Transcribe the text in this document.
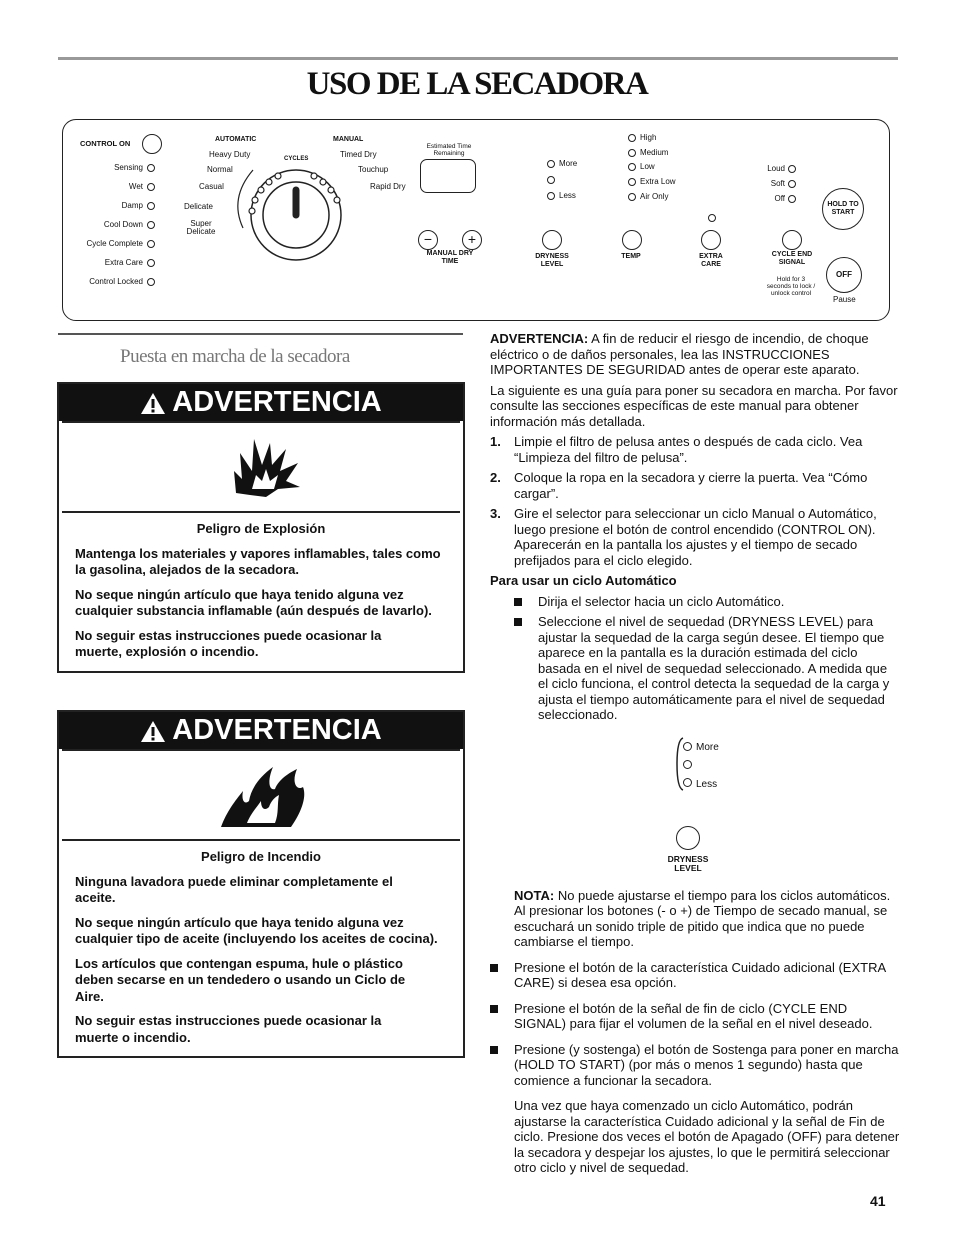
USO DE LA SECADORA
CONTROL ON
Sensing
Wet
Damp
Cool Down
Cycle Complete
Extra Care
Control Locked
AUTOMATIC	MANUAL
CYCLES
Heavy Duty
Normal
Casual
Delicate
Super Delicate
Timed Dry
Touchup
Rapid Dry
Estimated Time Remaining
−	+
MANUAL DRY TIME
More
Less
DRYNESS LEVEL
High
Medium
Low
Extra Low
Air Only
TEMP	EXTRA CARE
Loud
Soft
Off
CYCLE END SIGNAL
Hold for 3 seconds to lock / unlock control
HOLD TO START
OFF
Pause
Puesta en marcha de la secadora
ADVERTENCIA

Peligro de Explosión

Mantenga los materiales y vapores inflamables, tales como la gasolina, alejados de la secadora.

No seque ningún artículo que haya tenido alguna vez cualquier substancia inflamable (aún después de lavarlo).

No seguir estas instrucciones puede ocasionar la muerte, explosión o incendio.

ADVERTENCIA

Peligro de Incendio

Ninguna lavadora puede eliminar completamente el aceite.

No seque ningún artículo que haya tenido alguna vez cualquier tipo de aceite (incluyendo los aceites de cocina).

Los artículos que contengan espuma, hule o plástico deben secarse en un tendedero o usando un Ciclo de Aire.

No seguir estas instrucciones puede ocasionar la muerte o incendio.

ADVERTENCIA: A fin de reducir el riesgo de incendio, de choque eléctrico o de daños personales, lea las INSTRUCCIONES IMPORTANTES DE SEGURIDAD antes de operar este aparato.

La siguiente es una guía para poner su secadora en marcha. Por favor consulte las secciones específicas de este manual para obtener información más detallada.

1.	Limpie el filtro de pelusa antes o después de cada ciclo. Vea “Limpieza del filtro de pelusa”.
2.	Coloque la ropa en la secadora y cierre la puerta. Vea “Cómo cargar”.
3.	Gire el selector para seleccionar un ciclo Manual o Automático, luego presione el botón de control encendido (CONTROL ON). Aparecerán en la pantalla los ajustes y el tiempo de secado prefijados para el ciclo elegido.

Para usar un ciclo Automático

Dirija el selector hacia un ciclo Automático.
Seleccione el nivel de sequedad (DRYNESS LEVEL) para ajustar la sequedad de la carga según desee. El tiempo que aparece en la pantalla es la duración estimada del ciclo basada en el nivel de sequedad seleccionado. A medida que el ciclo funciona, el control detecta la sequedad de la carga y ajusta el tiempo automáticamente para el nivel de sequedad seleccionado.
More
Less
DRYNESS LEVEL

NOTA: No puede ajustarse el tiempo para los ciclos automáticos. Al presionar los botones (- o +) de Tiempo de secado manual, se escuchará un sonido triple de pitido que indica que no puede cambiarse el tiempo.

Presione el botón de la característica Cuidado adicional (EXTRA CARE) si desea esa opción.
Presione el botón de la señal de fin de ciclo (CYCLE END SIGNAL) para fijar el volumen de la señal en el nivel deseado.
Presione (y sostenga) el botón de Sostenga para poner en marcha (HOLD TO START) (por más o menos 1 segundo) hasta que comience a funcionar la secadora.

Una vez que haya comenzado un ciclo Automático, podrán ajustarse la característica Cuidado adicional y la señal de Fin de ciclo. Presione dos veces el botón de Apagado (OFF) para detener la secadora y despejar los ajustes, lo que le permitirá seleccionar otro ciclo y nivel de sequedad.

41
